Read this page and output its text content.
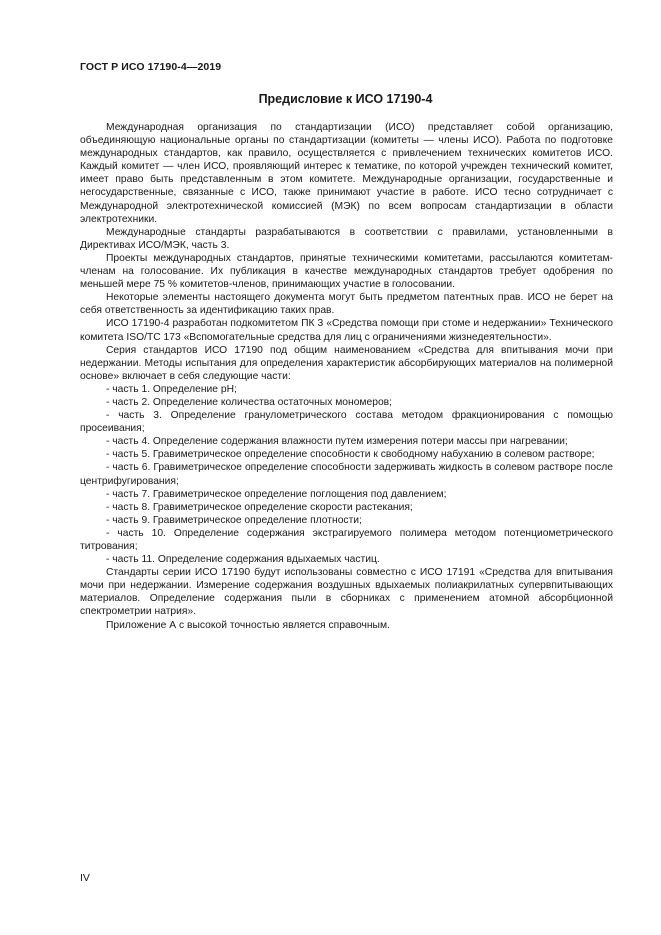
ГОСТ Р ИСО 17190-4—2019
Предисловие к ИСО 17190-4

Международная организация по стандартизации (ИСО) представляет собой организацию, объединяющую национальные органы по стандартизации (комитеты — члены ИСО). Работа по подготовке международных стандартов, как правило, осуществляется с привлечением технических комитетов ИСО. Каждый комитет — член ИСО, проявляющий интерес к тематике, по которой учрежден технический комитет, имеет право быть представленным в этом комитете. Международные организации, государственные и негосударственные, связанные с ИСО, также принимают участие в работе. ИСО тесно сотрудничает с Международной электротехнической комиссией (МЭК) по всем вопросам стандартизации в области электротехники.

Международные стандарты разрабатываются в соответствии с правилами, установленными в Директивах ИСО/МЭК, часть 3.

Проекты международных стандартов, принятые техническими комитетами, рассылаются комитетам-членам на голосование. Их публикация в качестве международных стандартов требует одобрения по меньшей мере 75 % комитетов-членов, принимающих участие в голосовании.

Некоторые элементы настоящего документа могут быть предметом патентных прав. ИСО не берет на себя ответственность за идентификацию таких прав.

ИСО 17190-4 разработан подкомитетом ПК 3 «Средства помощи при стоме и недержании» Технического комитета ISO/TC 173 «Вспомогательные средства для лиц с ограничениями жизнедеятельности».

Серия стандартов ИСО 17190 под общим наименованием «Средства для впитывания мочи при недержании. Методы испытания для определения характеристик абсорбирующих материалов на полимерной основе» включает в себя следующие части:

- часть 1. Определение pH;

- часть 2. Определение количества остаточных мономеров;

- часть 3. Определение гранулометрического состава методом фракционирования с помощью просеивания;

- часть 4. Определение содержания влажности путем измерения потери массы при нагревании;

- часть 5. Гравиметрическое определение способности к свободному набуханию в солевом растворе;

- часть 6. Гравиметрическое определение способности задерживать жидкость в солевом растворе после центрифугирования;

- часть 7. Гравиметрическое определение поглощения под давлением;

- часть 8. Гравиметрическое определение скорости растекания;

- часть 9. Гравиметрическое определение плотности;

- часть 10. Определение содержания экстрагируемого полимера методом потенциометрического титрования;

- часть 11. Определение содержания вдыхаемых частиц.

Стандарты серии ИСО 17190 будут использованы совместно с ИСО 17191 «Средства для впитывания мочи при недержании. Измерение содержания воздушных вдыхаемых полиакрилатных супервпитывающих материалов. Определение содержания пыли в сборниках с применением атомной абсорбционной спектрометрии натрия».

Приложение А с высокой точностью является справочным.

IV
